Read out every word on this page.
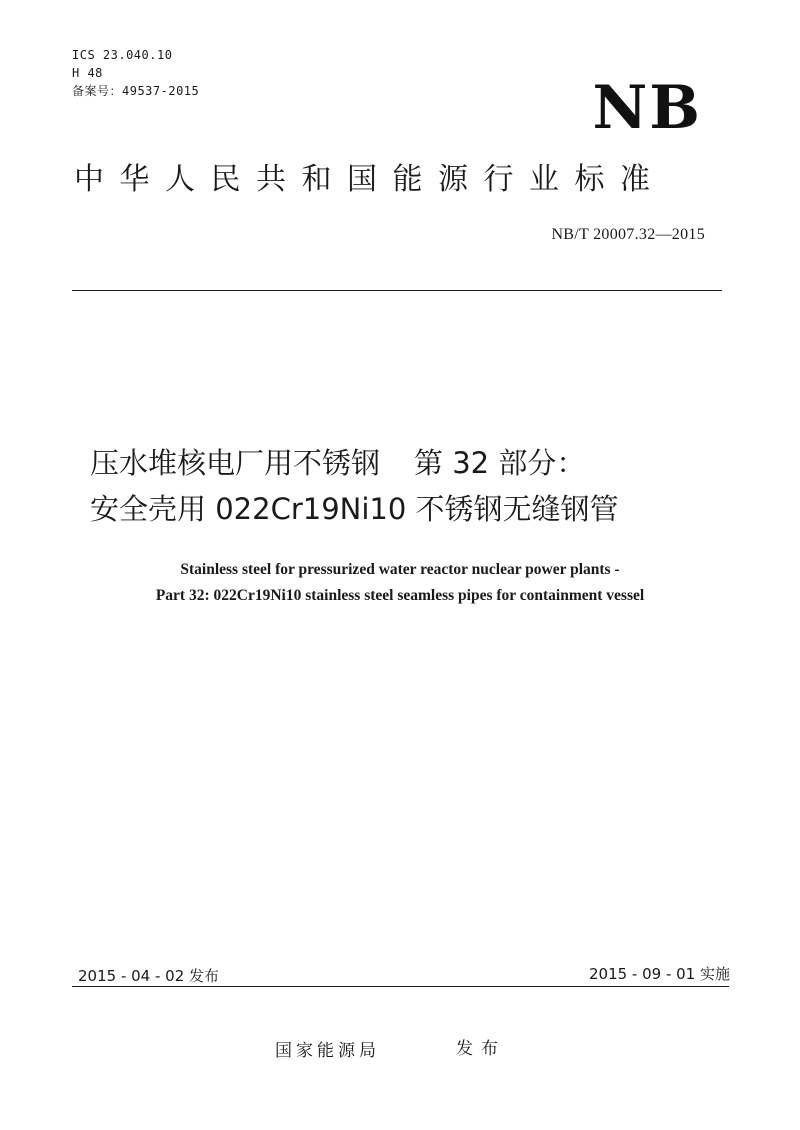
ICS 23.040.10
H 48
备案号：49537-2015	NB
中华人民共和国能源行业标准
NB/T 20007.32—2015
压水堆核电厂用不锈钢 第 32 部分：
安全壳用 022Cr19Ni10 不锈钢无缝钢管
Stainless steel for pressurized water reactor nuclear power plants -
Part 32: 022Cr19Ni10 stainless steel seamless pipes for containment vessel
2015 - 04 - 02 发布	2015 - 09 - 01 实施
国家能源局	发布
